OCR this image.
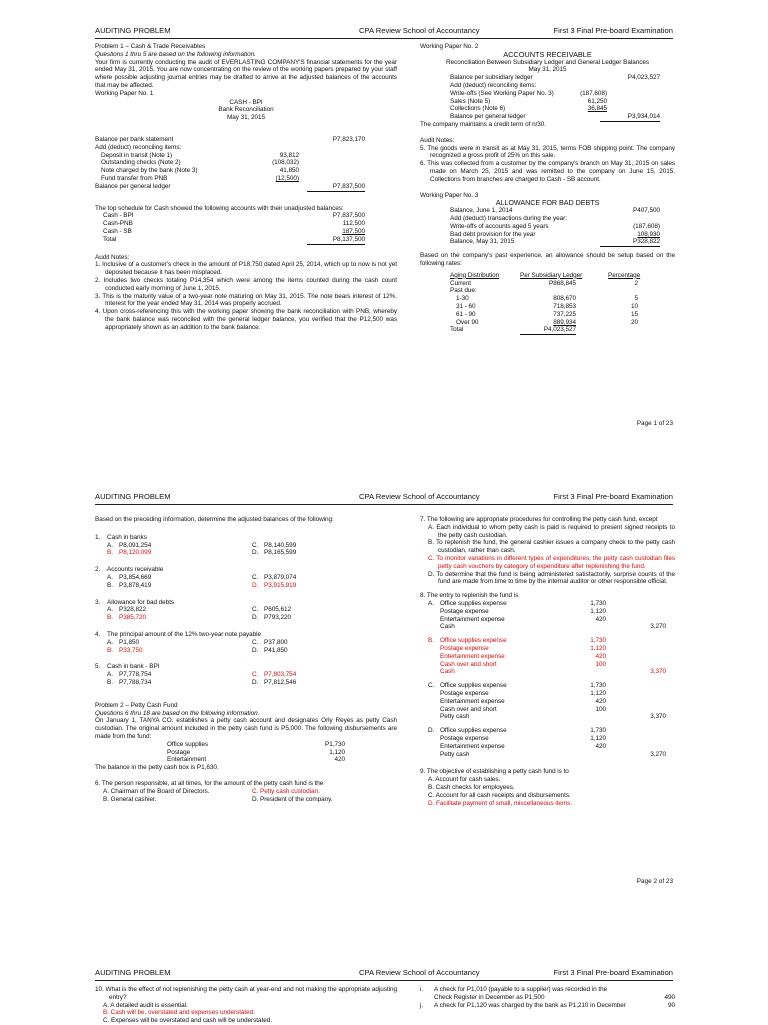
AUDITING PROBLEM	CPA Review School of Accountancy	First 3 Final Pre-board Examination
Problem 1 – Cash & Trade Receivables
Questions 1 thru 5 are based on the following information.
Your firm is currently conducting the audit of EVERLASTING COMPANY'S financial statements for the year ended May 31, 2015. You are now concentrating on the review of the working papers prepared by your staff where possible adjusting journal entries may be drafted to arrive at the adjusted balances of the accounts that may be affected.
Working Paper No. 1
CASH - BPI
Bank Reconciliation
May 31, 2015
Balance per bank statement	P7,823,170
Add (deduct) reconciling items:
Deposit in transit (Note 1)	93,812
Outstanding checks (Note 2)	(108,032)
Note charged by the bank (Note 3)	41,850
Fund transfer from PNB	(12,500)
Balance per general ledger	P7,837,500
The top schedule for Cash showed the following accounts with their unadjusted balances:
Cash - BPI	P7,837,500
Cash-PNB	112,500
Cash - SB	187,500
Total	P8,137,500
Audit Notes:
1. Inclusive of a customer's check in the amount of P18,750 dated April 25, 2014, which up to now is not yet deposited because it has been misplaced.
2. Includes two checks totaling P14,354 which were among the items counted during the cash count conducted early morning of June 1, 2015.
3. This is the maturity value of a two-year note maturing on May 31, 2015. The note bears interest of 12%. Interest for the year ended May 31, 2014 was properly accrued.
4. Upon cross-referencing this with the working paper showing the bank reconciliation with PNB, whereby the bank balance was reconciled with the general ledger balance, you verified that the P12,500 was appropriately shown as an addition to the bank balance.
Working Paper No. 2
ACCOUNTS RECEIVABLE
Reconciliation Between Subsidiary Ledger and General Ledger Balances
May 31, 2015
Balance per subsidiary ledger	P4,023,527
Add (deduct) reconciling items:
Write-offs (See Working Paper No. 3)	(187,608)
Sales (Note 5)	61,250
Collections (Note 6)	36,845
Balance per general ledger	P3,934,014
The company maintains a credit term of n/30.
Audit Notes:
5. The goods were in transit as at May 31, 2015, terms FOB shipping point. The company recognized a gross profit of 25% on this sale.
6. This was collected from a customer by the company's branch on May 31, 2015 on sales made on March 25, 2015 and was remitted to the company on June 15, 2015. Collections from branches are charged to Cash - SB account.
Working Paper No. 3
ALLOWANCE FOR BAD DEBTS
Balance, June 1, 2014	P407,500
Add (deduct) transactions during the year:
Write-offs of accounts aged 5 years	(187,608)
Bad debt provision for the year	108,930
Balance, May 31, 2015	P328,822
Based on the company's past experience, an allowance should be setup based on the following rates:
Aging Distribution	Per Subsidiary Ledger	Percentage
Current	P868,845	2
Past due:
1-30	808,670	5
31 - 60	718,853	10
61 - 90	737,225	15
Over 90	889,934	20
Total	P4,023,527
Page 1 of 23
AUDITING PROBLEM	CPA Review School of Accountancy	First 3 Final Pre-board Examination
Based on the preceding information, determine the adjusted balances of the following:
1. Cash in banks
A. P8,091,254	C. P8,140,599
B. P8,120,099	D. P8,165,599
2. Accounts receivable
A. P3,854,669	C. P3,879,074
B. P3,878,419	D. P3,915,919
3. Allowance for bad debts
A. P328,822	C. P605,612
B. P385,720	D. P793,220
4. The principal amount of the 12% two-year note payable
A. P1,850	C. P37,800
B. P33,750	D. P41,850
5. Cash in bank - BPI
A. P7,778,754	C. P7,803,754
B. P7,788,734	D. P7,812,546
Problem 2 – Petty Cash Fund
Questions 6 thru 18 are based on the following information.
On January 1, TANYA CO. establishes a petty cash account and designates Orly Reyes as petty Cash custodian. The original amount included in the petty cash fund is P5,000. The following disbursements are made from the fund:
Office supplies	P1,730
Postage	1,120
Entertainment	420
The balance in the petty cash box is P1,630.
6. The person responsible, at all times, for the amount of the petty cash fund is the
A. Chairman of the Board of Directors.	C. Petty cash custodian.
B. General cashier.	D. President of the company.
7. The following are appropriate procedures for controlling the petty cash fund, except
A. Each individual to whom petty cash is paid is required to present signed receipts to the petty cash custodian.
B. To replenish the fund, the general cashier issues a company check to the petty cash custodian, rather than cash.
C. To monitor variations in different types of expenditures, the petty cash custodian files petty cash vouchers by category of expenditure after replenishing the fund.
D. To determine that the fund is being administered satisfactorily, surprise counts of the fund are made from time to time by the internal auditor or other responsible official.
8. The entry to replenish the fund is
A. Office supplies expense	1,730
Postage expense	1,120
Entertainment expense	420
Cash	3,270
B. Office supplies expense	1,730
Postage expense	1,120
Entertainment expense	420
Cash over and short	100
Cash	3,370
C. Office supplies expense	1,730
Postage expense	1,120
Entertainment expense	420
Cash over and short	100
Petty cash	3,370
D. Office supplies expense	1,730
Postage expense	1,120
Entertainment expense	420
Petty cash	3,270
9. The objective of establishing a petty cash fund is to
A. Account for cash sales.
B. Cash checks for employees.
C. Account for all cash receipts and disbursements.
D. Facilitate payment of small, miscellaneous items.
Page 2 of 23
AUDITING PROBLEM	CPA Review School of Accountancy	First 3 Final Pre-board Examination
10. What is the effect of not replenishing the petty cash at year-end and not making the appropriate adjusting entry?
A. A detailed audit is essential.
B. Cash will be, overstated and expenses understated.
C. Expenses will be overstated and cash will be understated.
i. A check for P1,010 (payable to a supplier) was recorded in the Check Register in December as P1,500	490
j. A check for P1,120 was charged by the bank as P1,210 in December	90
